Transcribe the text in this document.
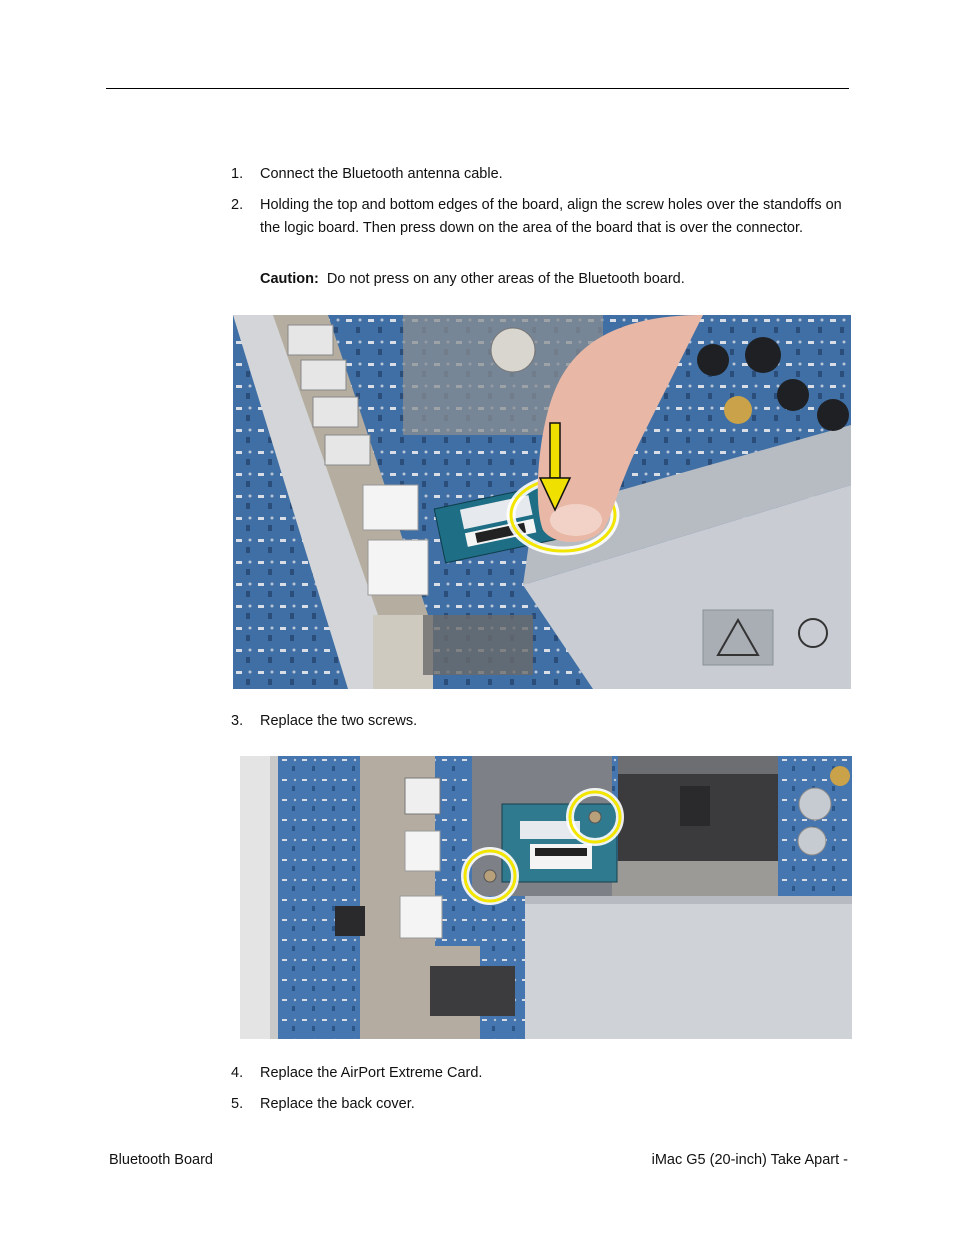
1. Connect the Bluetooth antenna cable.
2. Holding the top and bottom edges of the board, align the screw holes over the standoffs on the logic board. Then press down on the area of the board that is over the connector.
Caution: Do not press on any other areas of the Bluetooth board.
3. Replace the two screws.
4. Replace the AirPort Extreme Card.
5. Replace the back cover.
Bluetooth Board	iMac G5 (20-inch) Take Apart -
